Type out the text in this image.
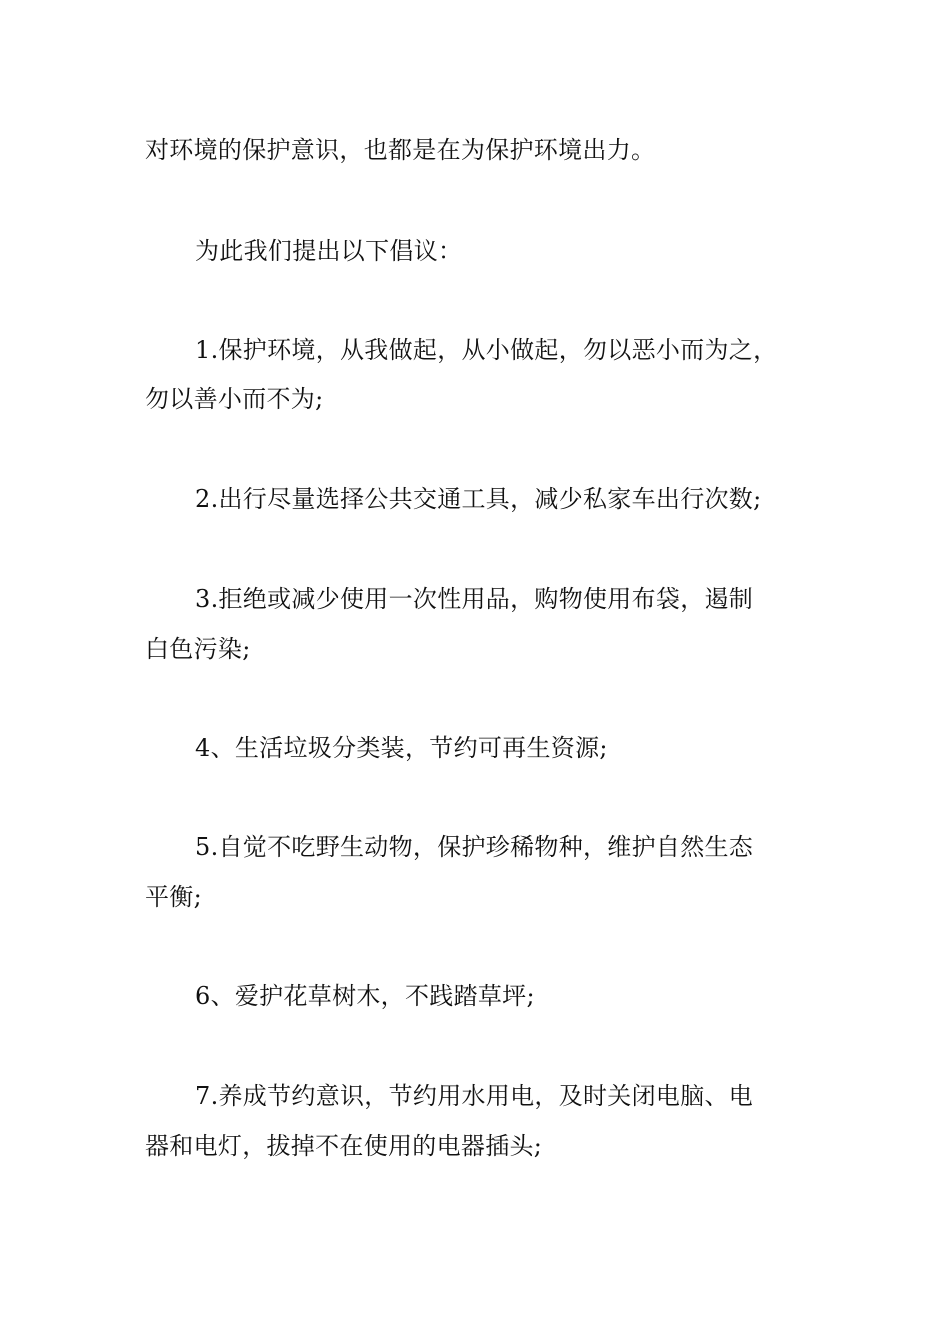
对环境的保护意识，也都是在为保护环境出力。
为此我们提出以下倡议：
1.保护环境，从我做起，从小做起，勿以恶小而为之，
勿以善小而不为;
2.出行尽量选择公共交通工具，减少私家车出行次数;
3.拒绝或减少使用一次性用品，购物使用布袋，遏制
白色污染;
4、生活垃圾分类装，节约可再生资源;
5.自觉不吃野生动物，保护珍稀物种，维护自然生态
平衡;
6、爱护花草树木，不践踏草坪;
7.养成节约意识，节约用水用电，及时关闭电脑、电
器和电灯，拔掉不在使用的电器插头;
